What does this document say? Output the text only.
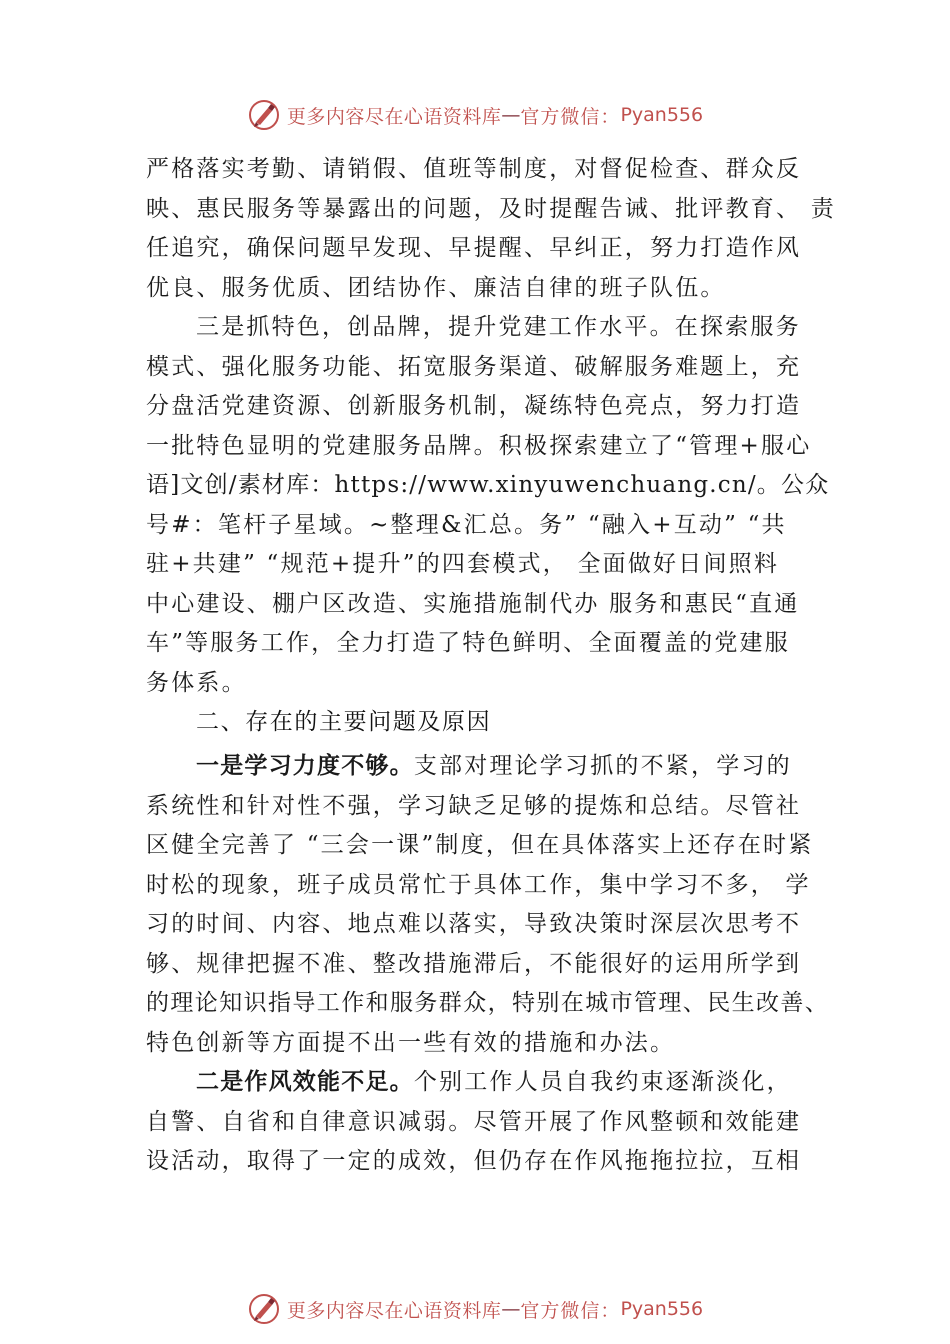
更多内容尽在心语资料库 — 官方微信： Pyan556
严格落实考勤、请销假、值班等制度，对督促检查、群众反
映、惠民服务等暴露出的问题，及时提醒告诫、批评教育、 责
任追究，确保问题早发现、早提醒、早纠正，努力打造作风
优良、服务优质、团结协作、廉洁自律的班子队伍。
三是抓特色，创品牌，提升党建工作水平。在探索服务
模式、强化服务功能、拓宽服务渠道、破解服务难题上，充
分盘活党建资源、创新服务机制，凝练特色亮点，努力打造
一批特色显明的党建服务品牌。积极探索建立了“管理+服心
语]文创/素材库：https://www.xinyuwenchuang.cn/。公众
号#：笔杆子星域。~整理&汇总。务” “融入+互动” “共
驻+共建” “规范+提升”的四套模式， 全面做好日间照料
中心建设、棚户区改造、实施措施制代办 服务和惠民“直通
车”等服务工作，全力打造了特色鲜明、全面覆盖的党建服
务体系。
二、存在的主要问题及原因
一是学习力度不够。支部对理论学习抓的不紧，学习的
系统性和针对性不强，学习缺乏足够的提炼和总结。尽管社
区健全完善了 “三会一课”制度，但在具体落实上还存在时紧
时松的现象，班子成员常忙于具体工作，集中学习不多， 学
习的时间、内容、地点难以落实，导致决策时深层次思考不
够、规律把握不准、整改措施滞后，不能很好的运用所学到
的理论知识指导工作和服务群众，特别在城市管理、民生改善、
特色创新等方面提不出一些有效的措施和办法。
二是作风效能不足。个别工作人员自我约束逐渐淡化，
自警、自省和自律意识减弱。尽管开展了作风整顿和效能建
设活动，取得了一定的成效，但仍存在作风拖拖拉拉，互相
更多内容尽在心语资料库 — 官方微信： Pyan556
